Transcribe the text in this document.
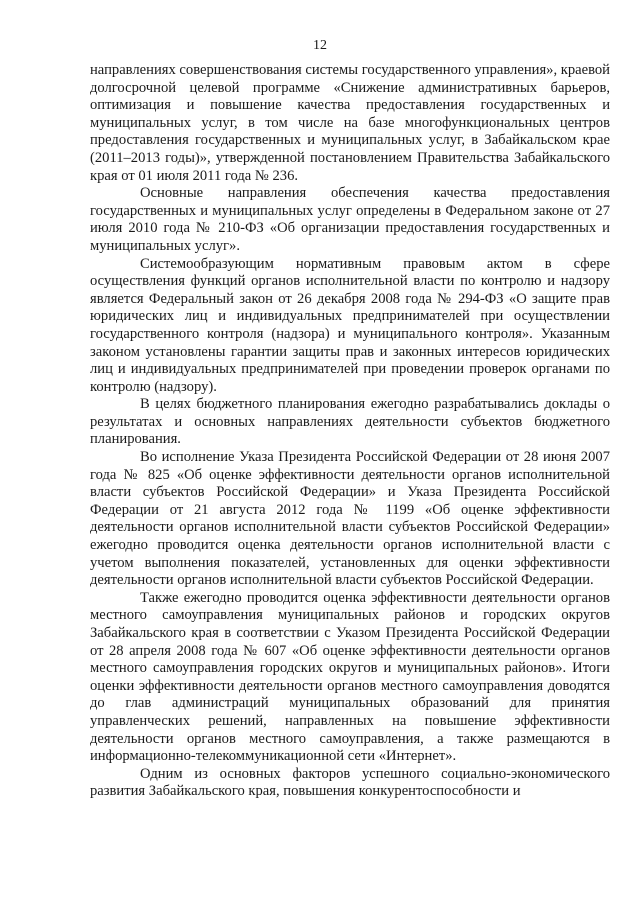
12

направлениях совершенствования системы государственного управления», краевой долгосрочной целевой программе «Снижение административных барьеров, оптимизация и повышение качества предоставления государственных и муниципальных услуг, в том числе на базе многофункциональных центров предоставления государственных и муниципальных услуг, в Забайкальском крае (2011–2013 годы)», утвержденной постановлением Правительства Забайкальского края от 01 июля 2011 года № 236.

Основные направления обеспечения качества предоставления государственных и муниципальных услуг определены в Федеральном законе от 27 июля 2010 года № 210-ФЗ «Об организации предоставления государственных и муниципальных услуг».

Системообразующим нормативным правовым актом в сфере осуществления функций органов исполнительной власти по контролю и надзору является Федеральный закон от 26 декабря 2008 года № 294-ФЗ «О защите прав юридических лиц и индивидуальных предпринимателей при осуществлении государственного контроля (надзора) и муниципального контроля». Указанным законом установлены гарантии защиты прав и законных интересов юридических лиц и индивидуальных предпринимателей при проведении проверок органами по контролю (надзору).

В целях бюджетного планирования ежегодно разрабатывались доклады о результатах и основных направлениях деятельности субъектов бюджетного планирования.

Во исполнение Указа Президента Российской Федерации от 28 июня 2007 года № 825 «Об оценке эффективности деятельности органов исполнительной власти субъектов Российской Федерации» и Указа Президента Российской Федерации от 21 августа 2012 года № 1199 «Об оценке эффективности деятельности органов исполнительной власти субъектов Российской Федерации» ежегодно проводится оценка деятельности органов исполнительной власти с учетом выполнения показателей, установленных для оценки эффективности деятельности органов исполнительной власти субъектов Российской Федерации.

Также ежегодно проводится оценка эффективности деятельности органов местного самоуправления муниципальных районов и городских округов Забайкальского края в соответствии с Указом Президента Российской Федерации от 28 апреля 2008 года № 607 «Об оценке эффективности деятельности органов местного самоуправления городских округов и муниципальных районов». Итоги оценки эффективности деятельности органов местного самоуправления доводятся до глав администраций муниципальных образований для принятия управленческих решений, направленных на повышение эффективности деятельности органов местного самоуправления, а также размещаются в информационно-телекоммуникационной сети «Интернет».

Одним из основных факторов успешного социально-экономического развития Забайкальского края, повышения конкурентоспособности и
